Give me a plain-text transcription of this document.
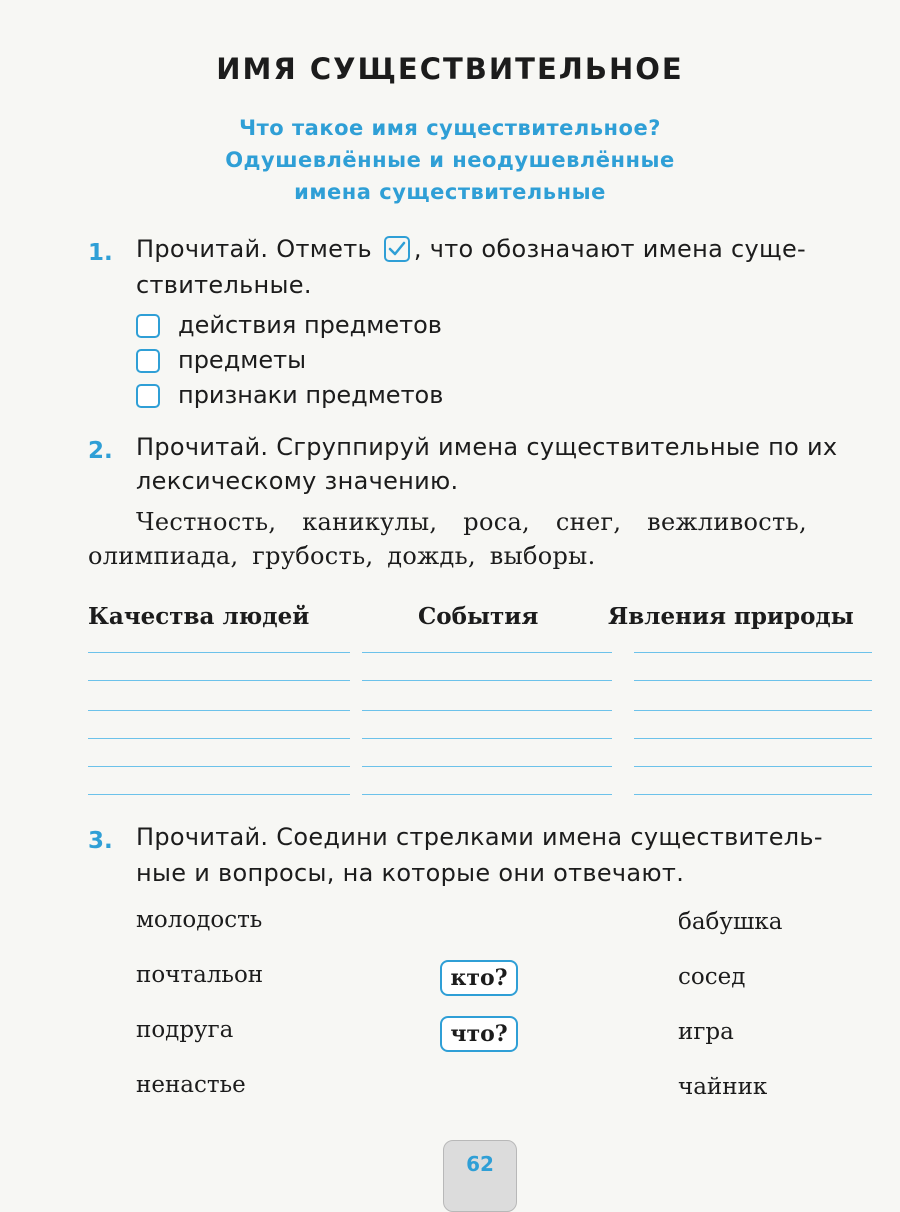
ИМЯ СУЩЕСТВИТЕЛЬНОЕ
Что такое имя существительное?
Одушевлённые и неодушевлённые
имена существительные
1. Прочитай. Отметь , что обозначают имена суще-
ствительные.
действия предметов
предметы
признаки предметов
2. Прочитай. Сгруппируй имена существительные по их
лексическому значению.
Честность, каникулы, роса, снег, вежливость,
олимпиада, грубость, дождь, выборы.
Качества людей	События	Явления природы
3. Прочитай. Соедини стрелками имена существитель-
ные и вопросы, на которые они отвечают.
молодость
почтальон
подруга
ненастье
кто?
что?
бабушка
сосед
игра
чайник
62
